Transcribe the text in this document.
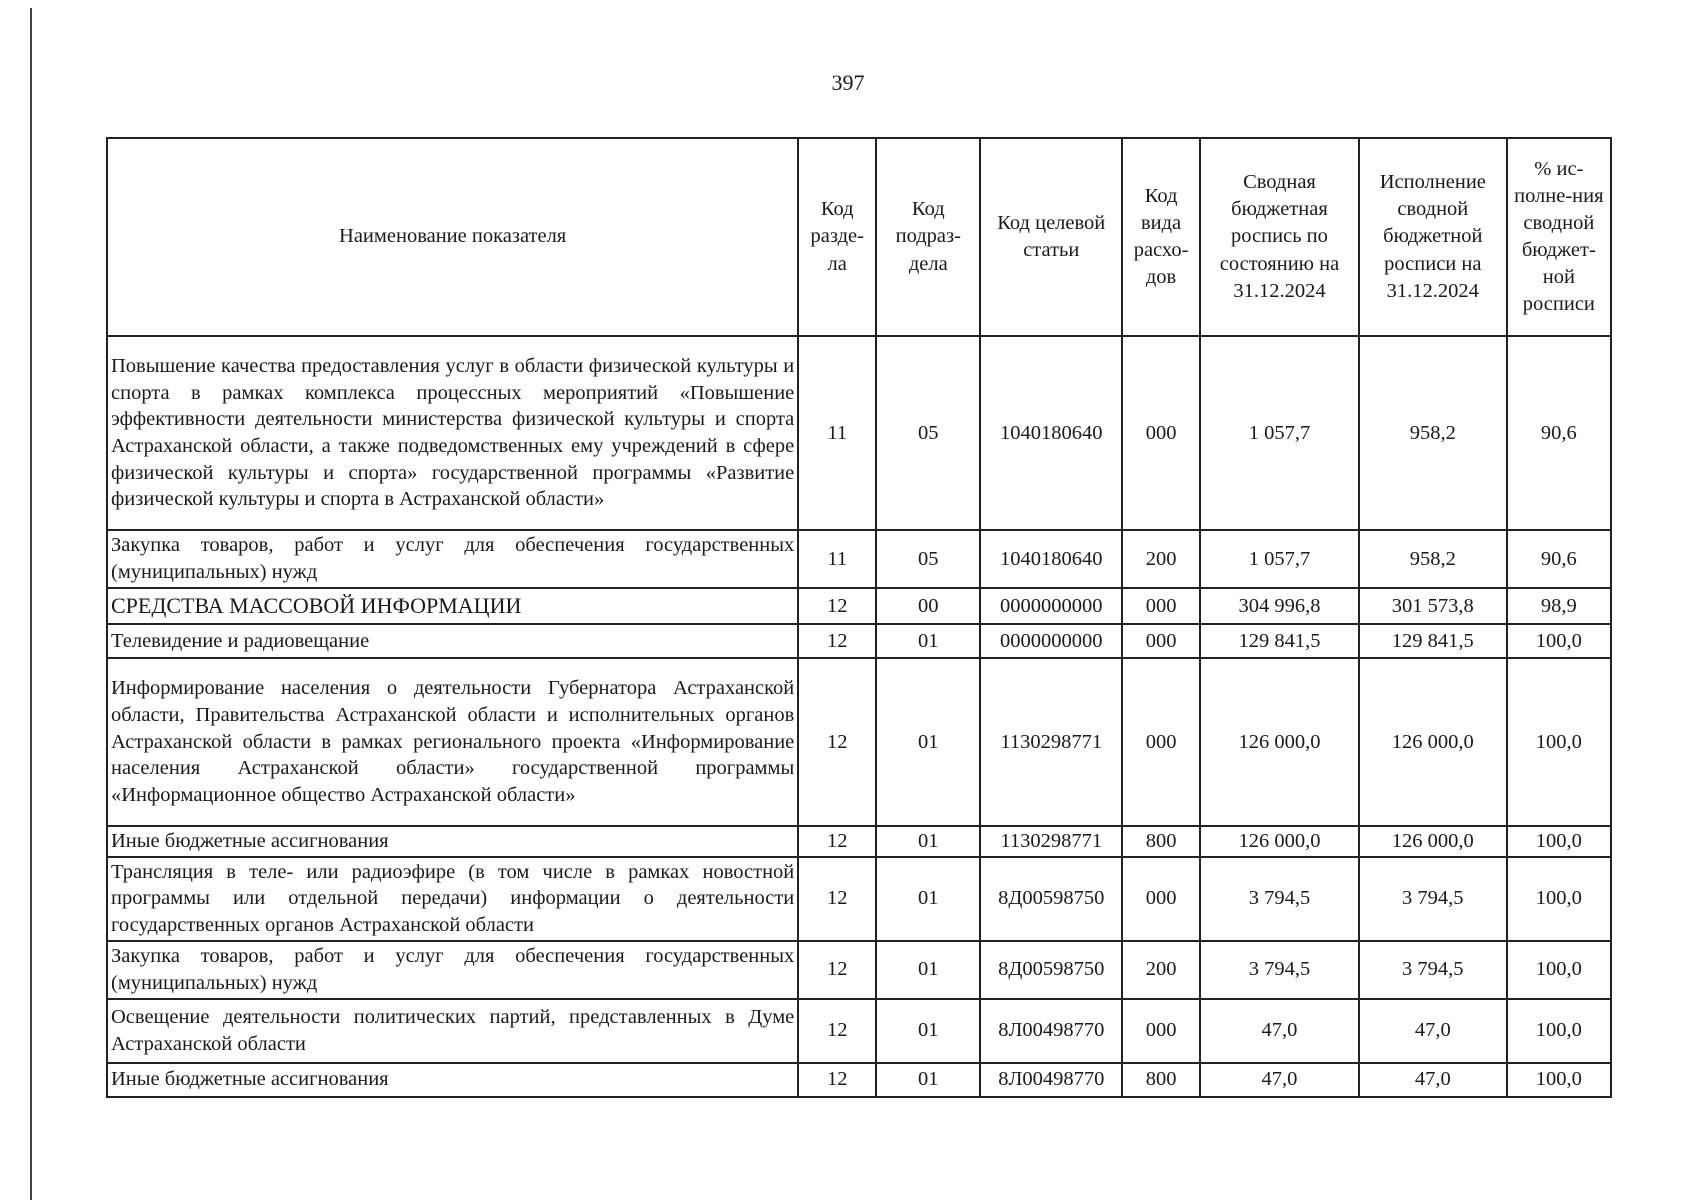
397
Наименование показателя	Код разде-ла	Код подраз-дела	Код целевой статьи	Код вида расхо-дов	Сводная бюджетная роспись по состоянию на 31.12.2024	Исполнение сводной бюджетной росписи на 31.12.2024	% ис-полне-ния сводной бюджет-ной росписи
Повышение качества предоставления услуг в области физической культуры и спорта в рамках комплекса процессных мероприятий «Повышение эффективности деятельности министерства физической культуры и спорта Астраханской области, а также подведомственных ему учреждений в сфере физической культуры и спорта» государственной программы «Развитие физической культуры и спорта в Астраханской области»	11	05	1040180640	000	1 057,7	958,2	90,6
Закупка товаров, работ и услуг для обеспечения государственных (муниципальных) нужд	11	05	1040180640	200	1 057,7	958,2	90,6
СРЕДСТВА МАССОВОЙ ИНФОРМАЦИИ	12	00	0000000000	000	304 996,8	301 573,8	98,9
Телевидение и радиовещание	12	01	0000000000	000	129 841,5	129 841,5	100,0
Информирование населения о деятельности Губернатора Астраханской области, Правительства Астраханской области и исполнительных органов Астраханской области в рамках регионального проекта «Информирование населения Астраханской области» государственной программы «Информационное общество Астраханской области»	12	01	1130298771	000	126 000,0	126 000,0	100,0
Иные бюджетные ассигнования	12	01	1130298771	800	126 000,0	126 000,0	100,0
Трансляция в теле- или радиоэфире (в том числе в рамках новостной программы или отдельной передачи) информации о деятельности государственных органов Астраханской области	12	01	8Д00598750	000	3 794,5	3 794,5	100,0
Закупка товаров, работ и услуг для обеспечения государственных (муниципальных) нужд	12	01	8Д00598750	200	3 794,5	3 794,5	100,0
Освещение деятельности политических партий, представленных в Думе Астраханской области	12	01	8Л00498770	000	47,0	47,0	100,0
Иные бюджетные ассигнования	12	01	8Л00498770	800	47,0	47,0	100,0
